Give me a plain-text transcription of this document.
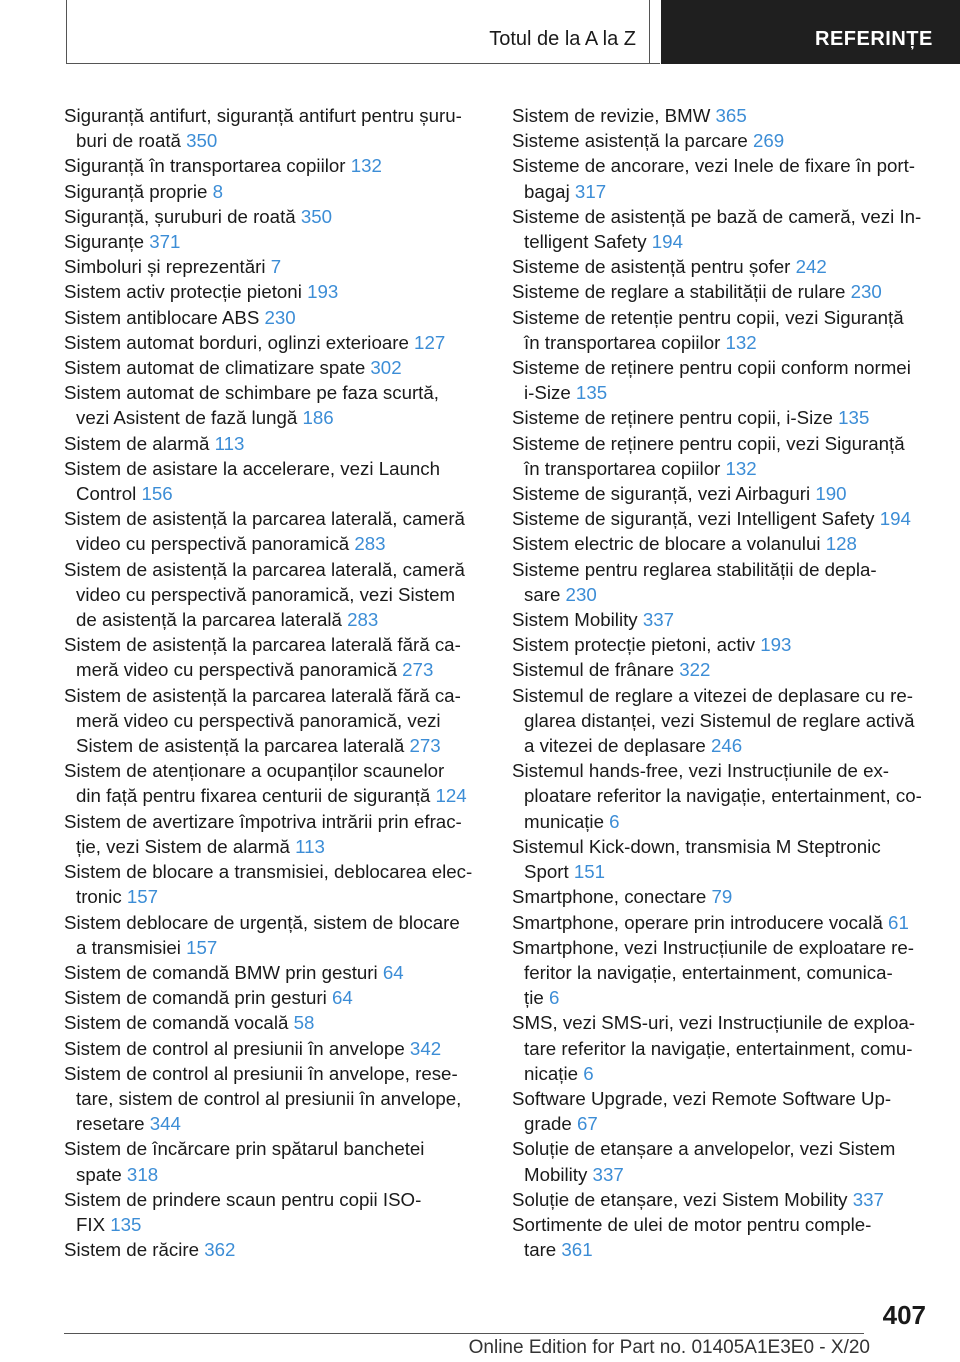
Totul de la A la Z	REFERINȚE
Siguranță antifurt, siguranță antifurt pentru șuru-
buri de roată 350
Siguranță în transportarea copiilor 132
Siguranță proprie 8
Siguranță, șuruburi de roată 350
Siguranțe 371
Simboluri și reprezentări 7
Sistem activ protecție pietoni 193
Sistem antiblocare ABS 230
Sistem automat borduri, oglinzi exterioare 127
Sistem automat de climatizare spate 302
Sistem automat de schimbare pe faza scurtă,
vezi Asistent de fază lungă 186
Sistem de alarmă 113
Sistem de asistare la accelerare, vezi Launch
Control 156
Sistem de asistență la parcarea laterală, cameră
video cu perspectivă panoramică 283
Sistem de asistență la parcarea laterală, cameră
video cu perspectivă panoramică, vezi Sistem
de asistență la parcarea laterală 283
Sistem de asistență la parcarea laterală fără ca-
meră video cu perspectivă panoramică 273
Sistem de asistență la parcarea laterală fără ca-
meră video cu perspectivă panoramică, vezi
Sistem de asistență la parcarea laterală 273
Sistem de atenționare a ocupanților scaunelor
din față pentru fixarea centurii de siguranță 124
Sistem de avertizare împotriva intrării prin efrac-
ție, vezi Sistem de alarmă 113
Sistem de blocare a transmisiei, deblocarea elec-
tronic 157
Sistem deblocare de urgență, sistem de blocare
a transmisiei 157
Sistem de comandă BMW prin gesturi 64
Sistem de comandă prin gesturi 64
Sistem de comandă vocală 58
Sistem de control al presiunii în anvelope 342
Sistem de control al presiunii în anvelope, rese-
tare, sistem de control al presiunii în anvelope,
resetare 344
Sistem de încărcare prin spătarul banchetei
spate 318
Sistem de prindere scaun pentru copii ISO-
FIX 135
Sistem de răcire 362
Sistem de revizie, BMW 365
Sisteme asistență la parcare 269
Sisteme de ancorare, vezi Inele de fixare în port-
bagaj 317
Sisteme de asistență pe bază de cameră, vezi In-
telligent Safety 194
Sisteme de asistență pentru șofer 242
Sisteme de reglare a stabilității de rulare 230
Sisteme de retenție pentru copii, vezi Siguranță
în transportarea copiilor 132
Sisteme de reținere pentru copii conform normei
i-Size 135
Sisteme de reținere pentru copii, i-Size 135
Sisteme de reținere pentru copii, vezi Siguranță
în transportarea copiilor 132
Sisteme de siguranță, vezi Airbaguri 190
Sisteme de siguranță, vezi Intelligent Safety 194
Sistem electric de blocare a volanului 128
Sisteme pentru reglarea stabilității de depla-
sare 230
Sistem Mobility 337
Sistem protecție pietoni, activ 193
Sistemul de frânare 322
Sistemul de reglare a vitezei de deplasare cu re-
glarea distanței, vezi Sistemul de reglare activă
a vitezei de deplasare 246
Sistemul hands-free, vezi Instrucțiunile de ex-
ploatare referitor la navigație, entertainment, co-
municație 6
Sistemul Kick-down, transmisia M Steptronic
Sport 151
Smartphone, conectare 79
Smartphone, operare prin introducere vocală 61
Smartphone, vezi Instrucțiunile de exploatare re-
feritor la navigație, entertainment, comunica-
ție 6
SMS, vezi SMS-uri, vezi Instrucțiunile de exploa-
tare referitor la navigație, entertainment, comu-
nicație 6
Software Upgrade, vezi Remote Software Up-
grade 67
Soluție de etanșare a anvelopelor, vezi Sistem
Mobility 337
Soluție de etanșare, vezi Sistem Mobility 337
Sortimente de ulei de motor pentru comple-
tare 361
407
Online Edition for Part no. 01405A1E3E0 - X/20
